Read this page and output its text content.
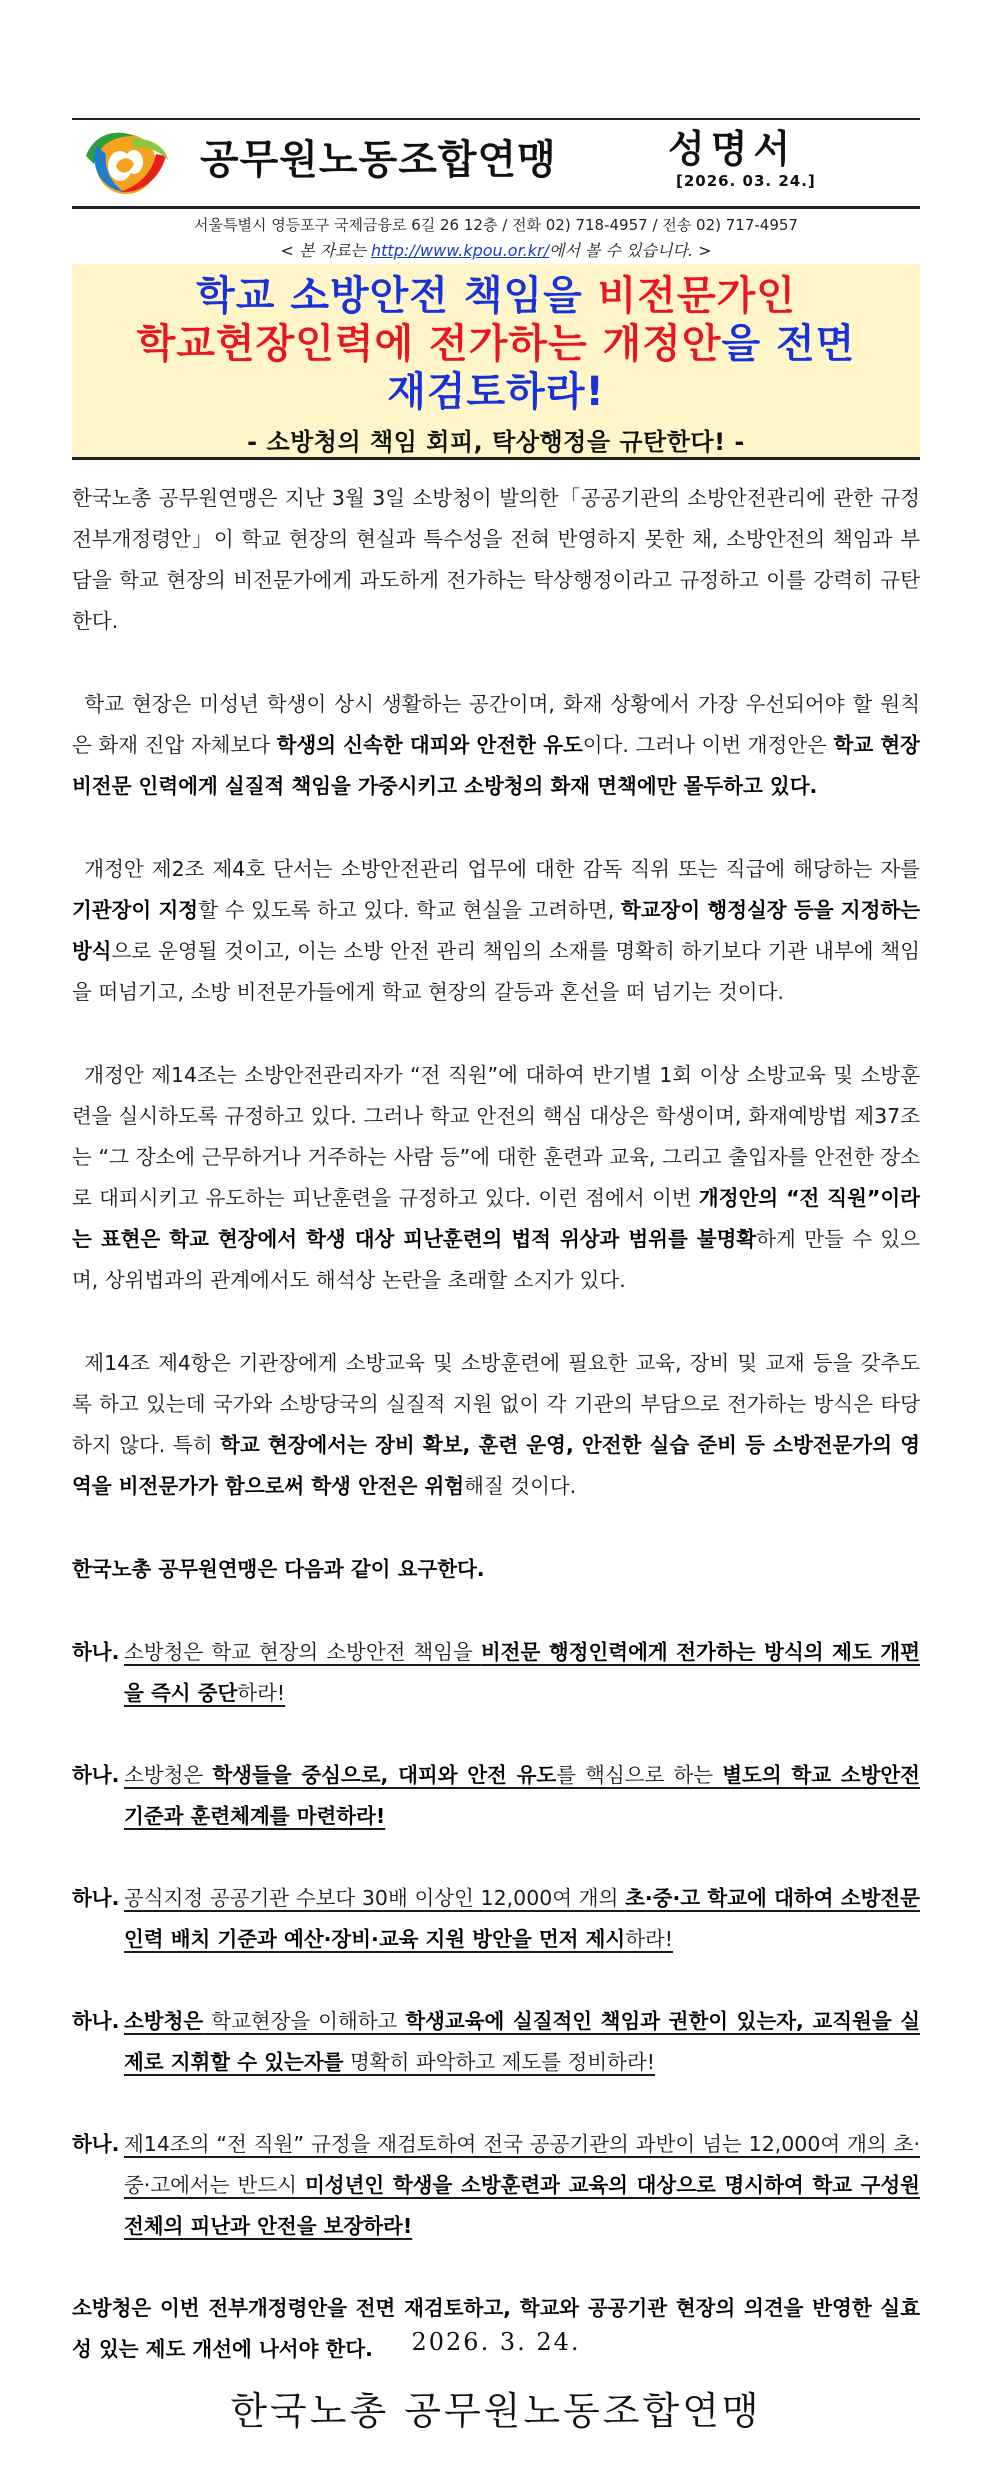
공무원노동조합연맹	성명서
[2026. 03. 24.]
서울특별시 영등포구 국제금융로 6길 26 12층 / 전화 02) 718-4957 / 전송 02) 717-4957
< 본 자료는 http://www.kpou.or.kr/에서 볼 수 있습니다. >
학교 소방안전 책임을 비전문가인
학교현장인력에 전가하는 개정안을 전면
재검토하라!
- 소방청의 책임 회피, 탁상행정을 규탄한다! -

한국노총 공무원연맹은 지난 3월 3일 소방청이 발의한「공공기관의 소방안전관리에 관한 규정 전부개정령안」이 학교 현장의 현실과 특수성을 전혀 반영하지 못한 채, 소방안전의 책임과 부담을 학교 현장의 비전문가에게 과도하게 전가하는 탁상행정이라고 규정하고 이를 강력히 규탄한다.

학교 현장은 미성년 학생이 상시 생활하는 공간이며, 화재 상황에서 가장 우선되어야 할 원칙은 화재 진압 자체보다 학생의 신속한 대피와 안전한 유도이다. 그러나 이번 개정안은 학교 현장 비전문 인력에게 실질적 책임을 가중시키고 소방청의 화재 면책에만 몰두하고 있다.

개정안 제2조 제4호 단서는 소방안전관리 업무에 대한 감독 직위 또는 직급에 해당하는 자를 기관장이 지정할 수 있도록 하고 있다. 학교 현실을 고려하면, 학교장이 행정실장 등을 지정하는 방식으로 운영될 것이고, 이는 소방 안전 관리 책임의 소재를 명확히 하기보다 기관 내부에 책임을 떠넘기고, 소방 비전문가들에게 학교 현장의 갈등과 혼선을 떠 넘기는 것이다.

개정안 제14조는 소방안전관리자가 “전 직원”에 대하여 반기별 1회 이상 소방교육 및 소방훈련을 실시하도록 규정하고 있다. 그러나 학교 안전의 핵심 대상은 학생이며, 화재예방법 제37조는 “그 장소에 근무하거나 거주하는 사람 등”에 대한 훈련과 교육, 그리고 출입자를 안전한 장소로 대피시키고 유도하는 피난훈련을 규정하고 있다. 이런 점에서 이번 개정안의 “전 직원”이라는 표현은 학교 현장에서 학생 대상 피난훈련의 법적 위상과 범위를 불명확하게 만들 수 있으며, 상위법과의 관계에서도 해석상 논란을 초래할 소지가 있다.

제14조 제4항은 기관장에게 소방교육 및 소방훈련에 필요한 교육, 장비 및 교재 등을 갖추도록 하고 있는데 국가와 소방당국의 실질적 지원 없이 각 기관의 부담으로 전가하는 방식은 타당하지 않다. 특히 학교 현장에서는 장비 확보, 훈련 운영, 안전한 실습 준비 등 소방전문가의 영역을 비전문가가 함으로써 학생 안전은 위험해질 것이다.

한국노총 공무원연맹은 다음과 같이 요구한다.

하나. 소방청은 학교 현장의 소방안전 책임을 비전문 행정인력에게 전가하는 방식의 제도 개편을 즉시 중단하라!
하나. 소방청은 학생들을 중심으로, 대피와 안전 유도를 핵심으로 하는 별도의 학교 소방안전 기준과 훈련체계를 마련하라!
하나. 공식지정 공공기관 수보다 30배 이상인 12,000여 개의 초·중·고 학교에 대하여 소방전문인력 배치 기준과 예산·장비·교육 지원 방안을 먼저 제시하라!
하나. 소방청은 학교현장을 이해하고 학생교육에 실질적인 책임과 권한이 있는자, 교직원을 실제로 지휘할 수 있는자를 명확히 파악하고 제도를 정비하라!
하나. 제14조의 “전 직원” 규정을 재검토하여 전국 공공기관의 과반이 넘는 12,000여 개의 초·중·고에서는 반드시 미성년인 학생을 소방훈련과 교육의 대상으로 명시하여 학교 구성원 전체의 피난과 안전을 보장하라!

소방청은 이번 전부개정령안을 전면 재검토하고, 학교와 공공기관 현장의 의견을 반영한 실효성 있는 제도 개선에 나서야 한다.	2026. 3. 24.
한국노총 공무원노동조합연맹
